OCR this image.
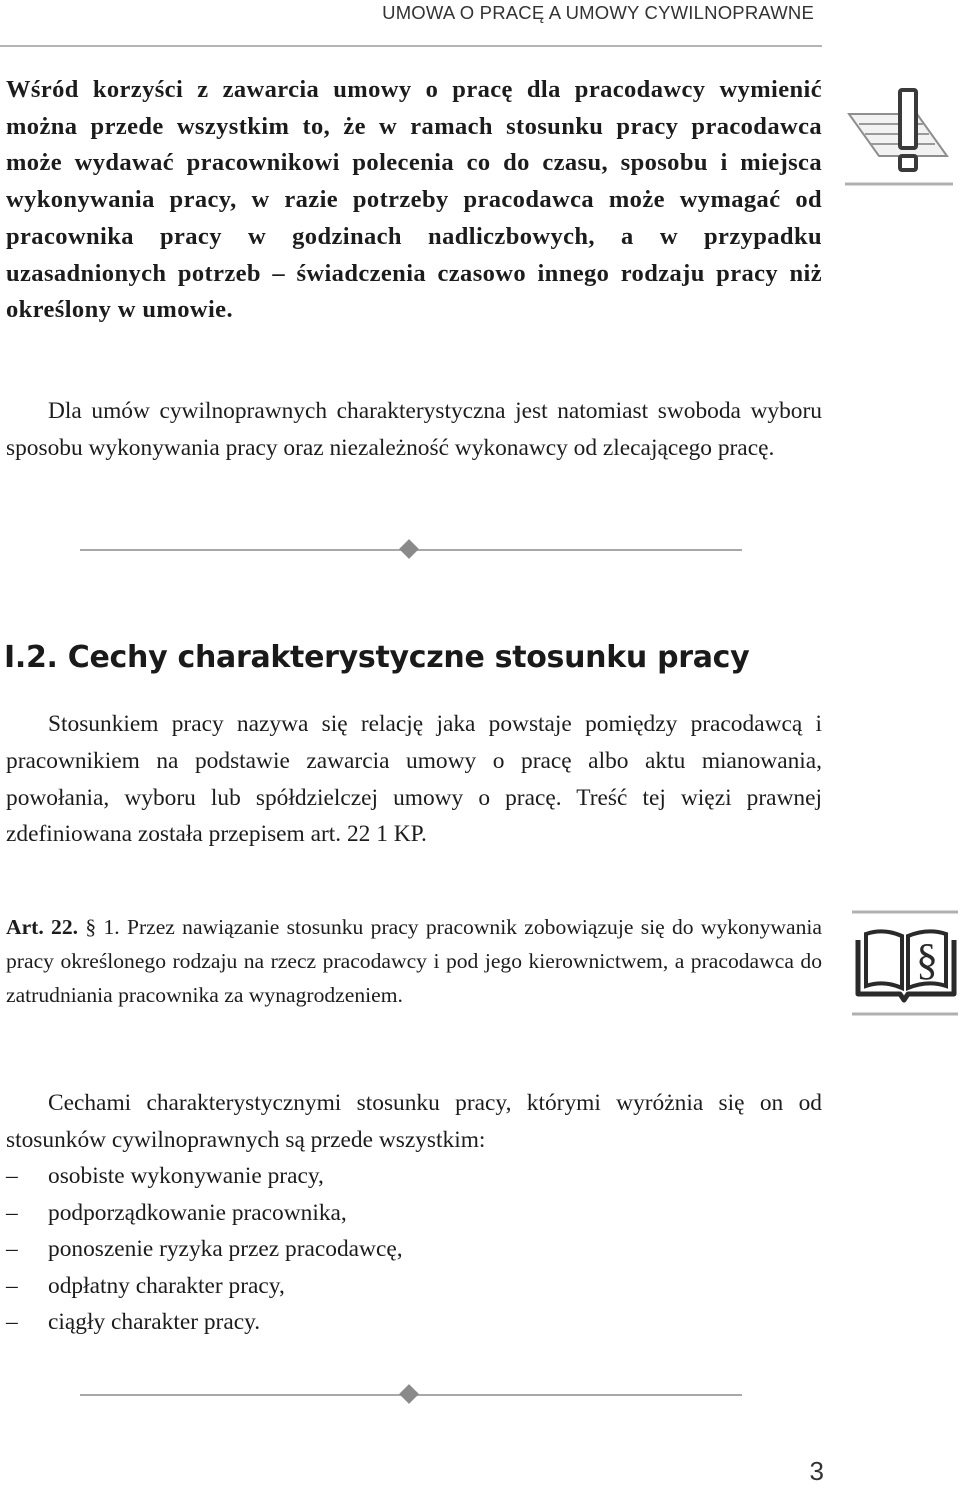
UMOWA O PRACĘ A UMOWY CYWILNOPRAWNE

Wśród korzyści z zawarcia umowy o pracę dla pracodawcy wymienić można przede wszystkim to, że w ramach stosunku pracy pracodawca może wydawać pracownikowi polecenia co do czasu, sposobu i miejsca wykonywania pracy, w razie potrzeby pracodawca może wymagać od pracownika pracy w godzinach nadliczbowych, a w przypadku uzasadnionych potrzeb – świadczenia czasowo innego rodzaju pracy niż określony w umowie.

Dla umów cywilnoprawnych charakterystyczna jest natomiast swoboda wyboru sposobu wykonywania pracy oraz niezależność wykonawcy od zlecającego pracę.

I.2. Cechy charakterystyczne stosunku pracy

Stosunkiem pracy nazywa się relację jaka powstaje pomiędzy pracodawcą i pracownikiem na podstawie zawarcia umowy o pracę albo aktu mianowania, powołania, wyboru lub spółdzielczej umowy o pracę. Treść tej więzi prawnej zdefiniowana została przepisem art. 22 1 KP.

Art. 22. § 1. Przez nawiązanie stosunku pracy pracownik zobowiązuje się do wykonywania pracy określonego rodzaju na rzecz pracodawcy i pod jego kierownictwem, a pracodawca do zatrudniania pracownika za wynagrodzeniem.

§

Cechami charakterystycznymi stosunku pracy, którymi wyróżnia się on od stosunków cywilnoprawnych są przede wszystkim:

– osobiste wykonywanie pracy,
– podporządkowanie pracownika,
– ponoszenie ryzyka przez pracodawcę,
– odpłatny charakter pracy,
– ciągły charakter pracy.
3
